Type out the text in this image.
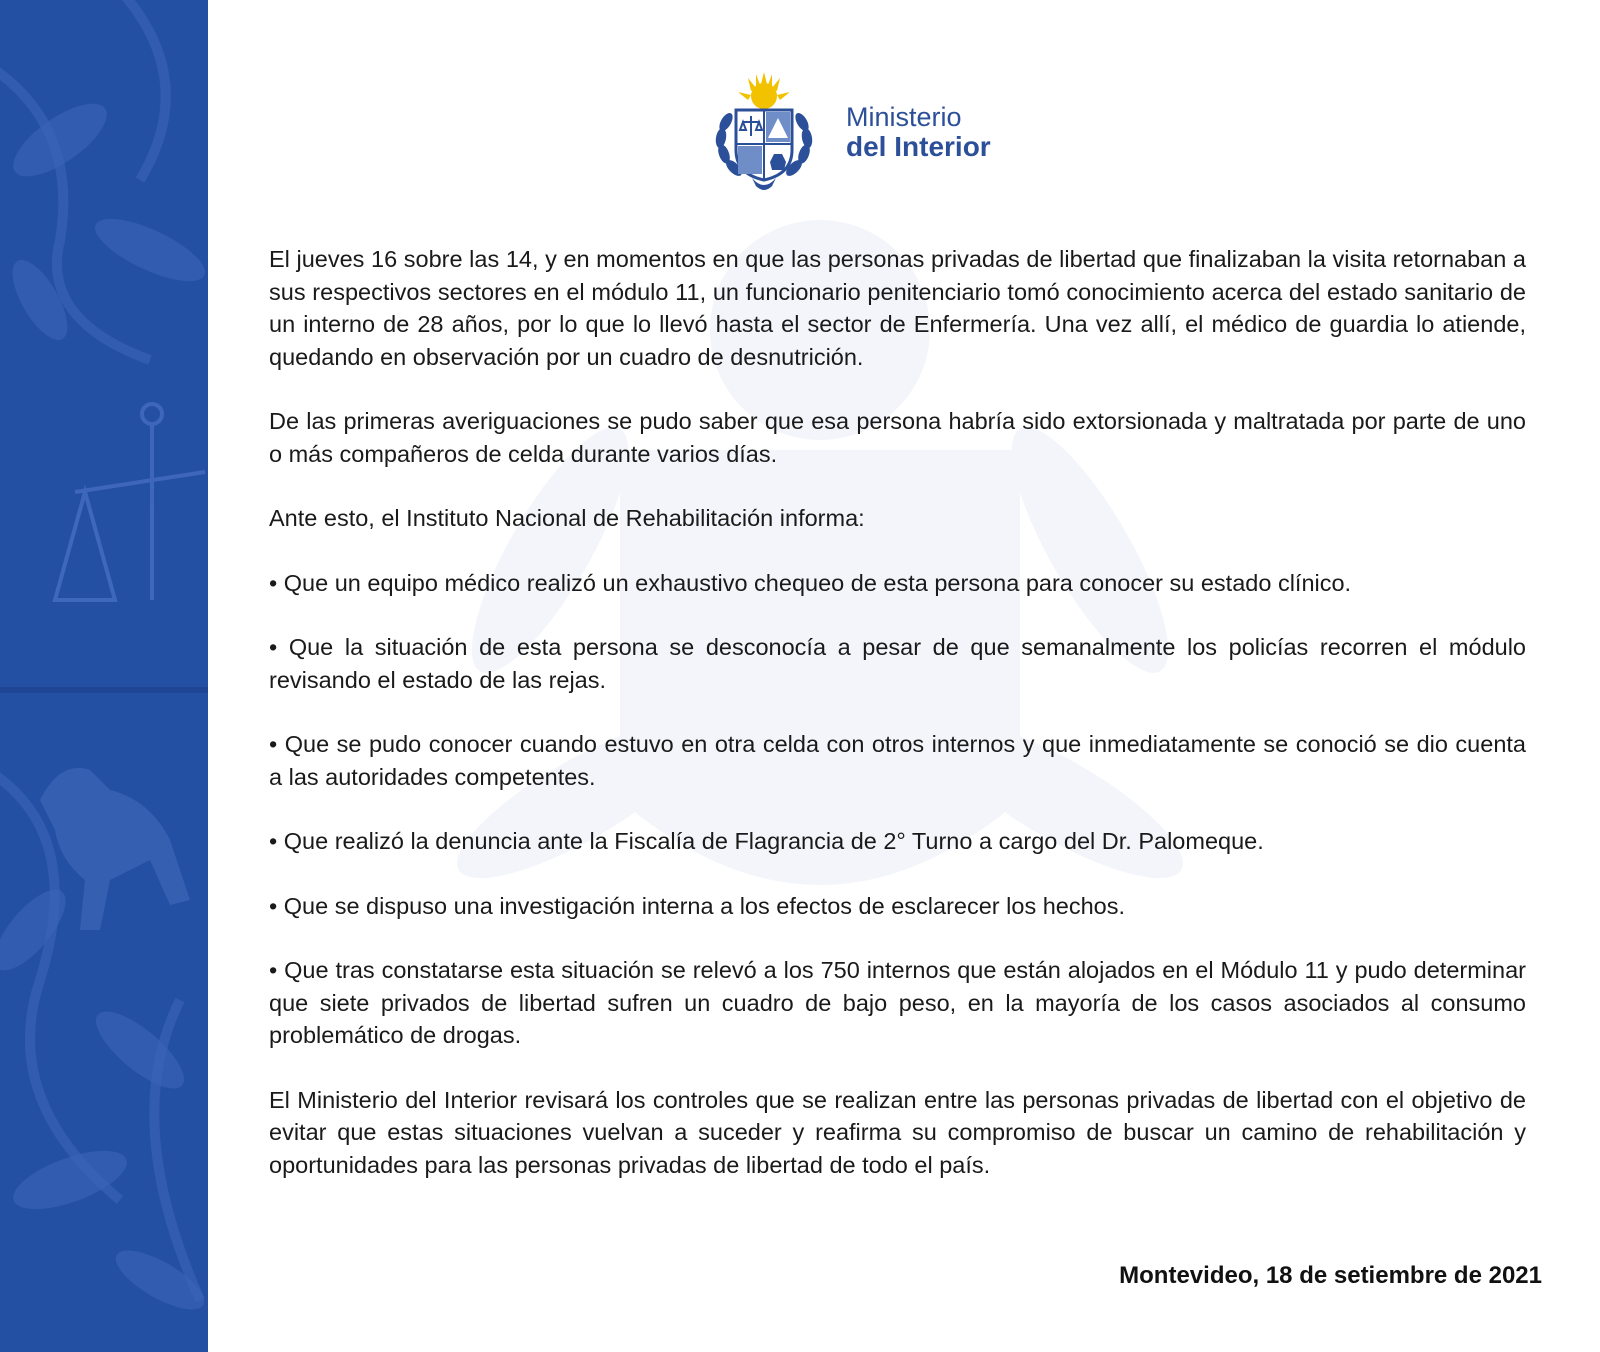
Ministerio
del Interior

El jueves 16 sobre las 14, y en momentos en que las personas privadas de libertad que finalizaban la visita retornaban a sus respectivos sectores en el módulo 11, un funcionario penitenciario tomó conocimiento acerca del estado sanitario de un interno de 28 años, por lo que lo llevó hasta el sector de Enfermería. Una vez allí, el médico de guardia lo atiende, quedando en observación por un cuadro de desnutrición.

De las primeras averiguaciones se pudo saber que esa persona habría sido extorsionada y maltratada por parte de uno o más compañeros de celda durante varios días.

Ante esto, el Instituto Nacional de Rehabilitación informa:

• Que un equipo médico realizó un exhaustivo chequeo de esta persona para conocer su estado clínico.

• Que la situación de esta persona se desconocía a pesar de que semanalmente los policías recorren el módulo revisando el estado de las rejas.

• Que se pudo conocer cuando estuvo en otra celda con otros internos y que inmediatamente se conoció se dio cuenta a las autoridades competentes.

• Que realizó la denuncia ante la Fiscalía de Flagrancia de 2° Turno a cargo del Dr. Palomeque.

• Que se dispuso una investigación interna a los efectos de esclarecer los hechos.

• Que tras constatarse esta situación se relevó a los 750 internos que están alojados en el Módulo 11 y pudo determinar que siete privados de libertad sufren un cuadro de bajo peso, en la mayoría de los casos asociados al consumo problemático de drogas.

El Ministerio del Interior revisará los controles que se realizan entre las personas privadas de libertad con el objetivo de evitar que estas situaciones vuelvan a suceder y reafirma su compromiso de buscar un camino de rehabilitación y oportunidades para las personas privadas de libertad de todo el país.

Montevideo, 18 de setiembre de 2021
